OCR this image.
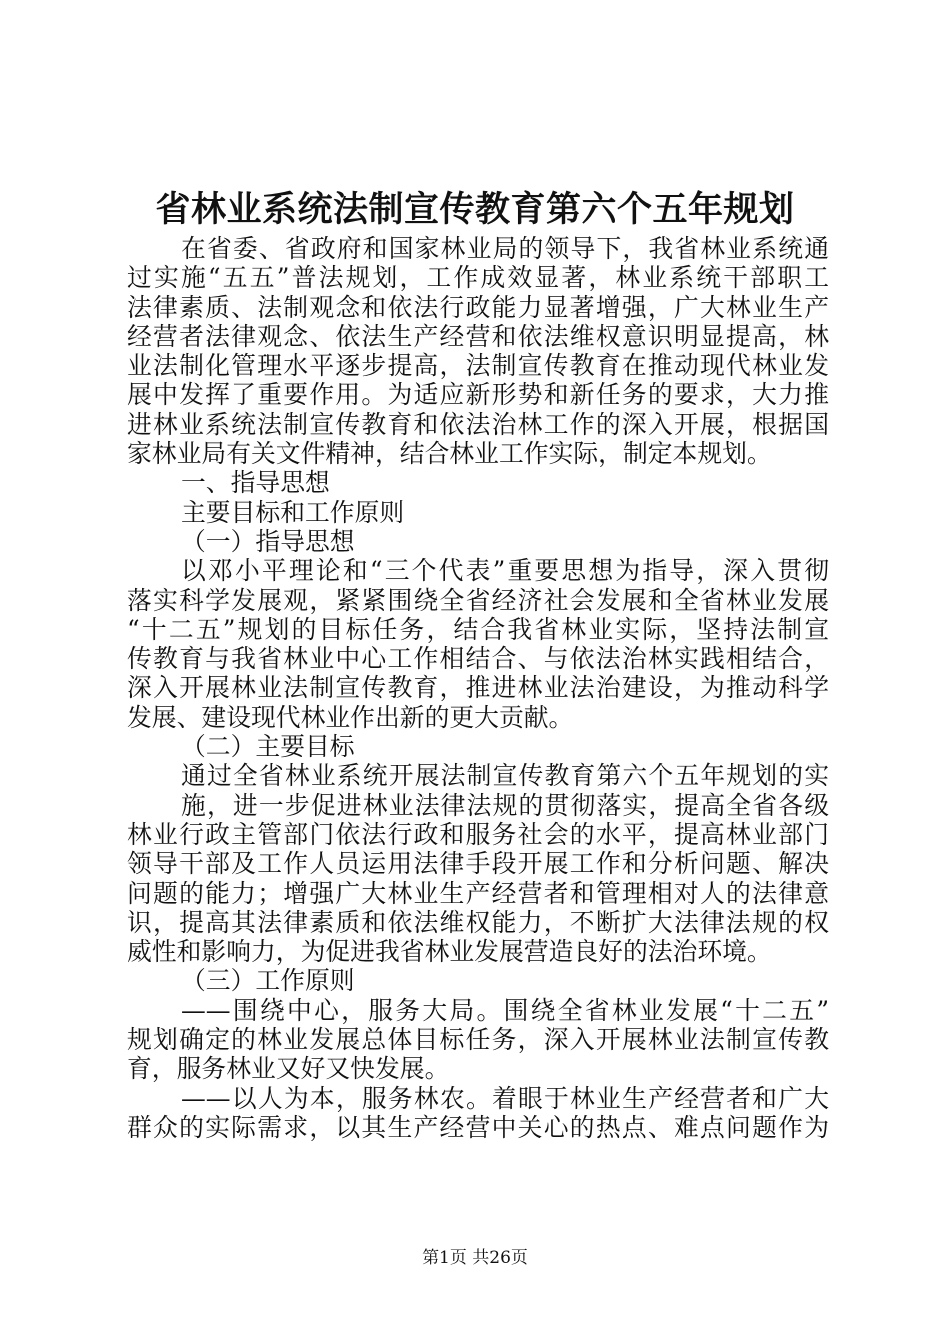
省林业系统法制宣传教育第六个五年规划
在省委、省政府和国家林业局的领导下，我省林业系统通
过实施“五五”普法规划，工作成效显著，林业系统干部职工
法律素质、法制观念和依法行政能力显著增强，广大林业生产
经营者法律观念、依法生产经营和依法维权意识明显提高，林
业法制化管理水平逐步提高，法制宣传教育在推动现代林业发
展中发挥了重要作用。为适应新形势和新任务的要求，大力推
进林业系统法制宣传教育和依法治林工作的深入开展，根据国
家林业局有关文件精神，结合林业工作实际，制定本规划。
一、指导思想
主要目标和工作原则
（一）指导思想
以邓小平理论和“三个代表”重要思想为指导，深入贯彻
落实科学发展观，紧紧围绕全省经济社会发展和全省林业发展
“十二五”规划的目标任务，结合我省林业实际，坚持法制宣
传教育与我省林业中心工作相结合、与依法治林实践相结合，
深入开展林业法制宣传教育，推进林业法治建设，为推动科学
发展、建设现代林业作出新的更大贡献。
（二）主要目标
通过全省林业系统开展法制宣传教育第六个五年规划的实
施，进一步促进林业法律法规的贯彻落实，提高全省各级
林业行政主管部门依法行政和服务社会的水平，提高林业部门
领导干部及工作人员运用法律手段开展工作和分析问题、解决
问题的能力；增强广大林业生产经营者和管理相对人的法律意
识，提高其法律素质和依法维权能力，不断扩大法律法规的权
威性和影响力，为促进我省林业发展营造良好的法治环境。
（三）工作原则
——围绕中心，服务大局。围绕全省林业发展“十二五”
规划确定的林业发展总体目标任务，深入开展林业法制宣传教
育，服务林业又好又快发展。
——以人为本，服务林农。着眼于林业生产经营者和广大
群众的实际需求，以其生产经营中关心的热点、难点问题作为
第1页 共26页
